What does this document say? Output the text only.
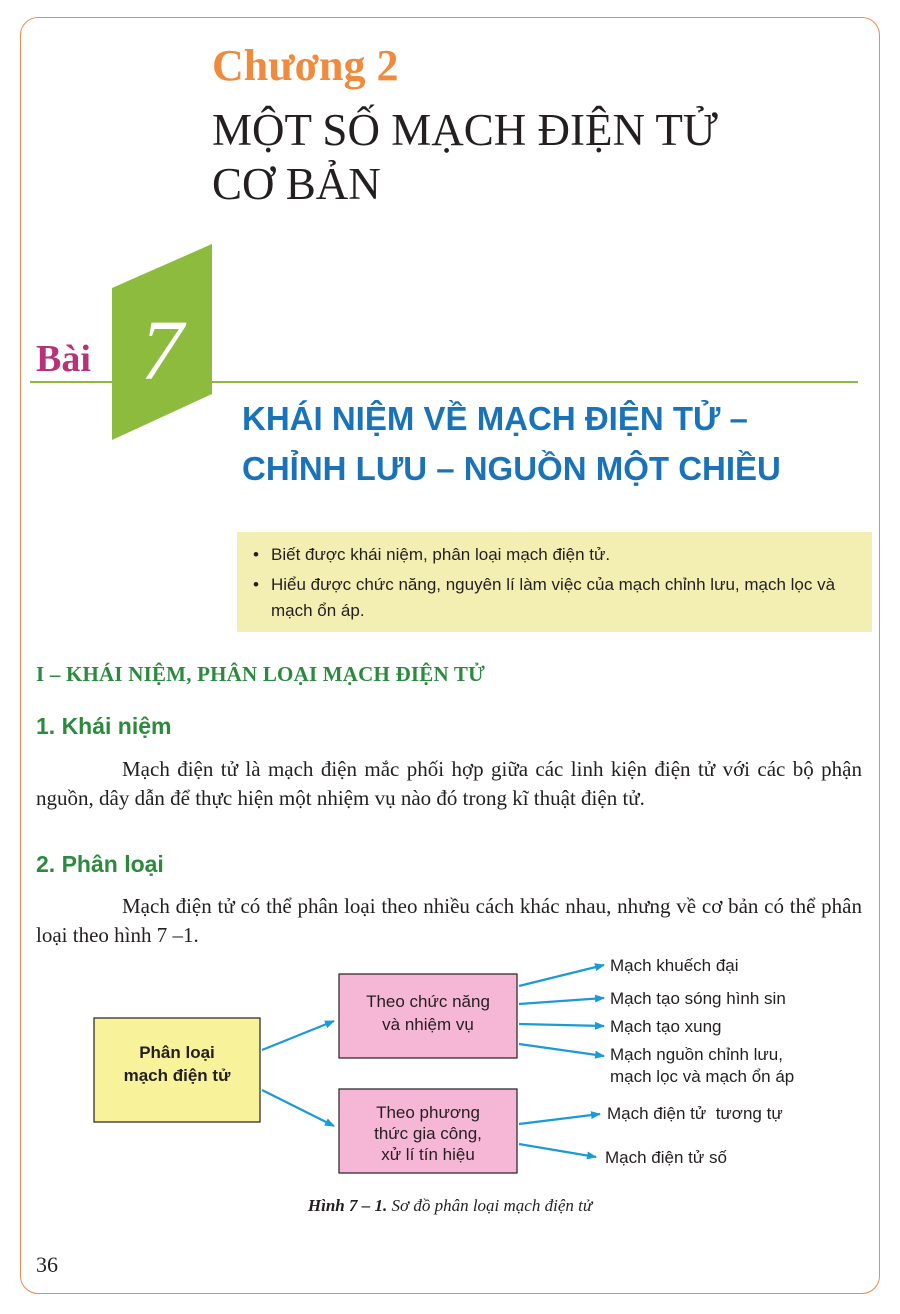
Chương 2
MỘT SỐ MẠCH ĐIỆN TỬ
CƠ BẢN
7
Bài
KHÁI NIỆM VỀ MẠCH ĐIỆN TỬ –
CHỈNH LƯU – NGUỒN MỘT CHIỀU
• Biết được khái niệm, phân loại mạch điện tử.
• Hiểu được chức năng, nguyên lí làm việc của mạch chỉnh lưu, mạch lọc và mạch ổn áp.
I – KHÁI NIỆM, PHÂN LOẠI MẠCH ĐIỆN TỬ
1. Khái niệm
Mạch điện tử là mạch điện mắc phối hợp giữa các linh kiện điện tử với các bộ phận nguồn, dây dẫn để thực hiện một nhiệm vụ nào đó trong kĩ thuật điện tử.
2. Phân loại
Mạch điện tử có thể phân loại theo nhiều cách khác nhau, nhưng về cơ bản có thể phân loại theo hình 7 –1.
Phân loại
mạch điện tử
Theo chức năng
và nhiệm vụ
Theo phương
thức gia công,
xử lí tín hiệu
Mạch khuếch đại
Mạch tạo sóng hình sin
Mạch tạo xung
Mạch nguồn chỉnh lưu,
mạch lọc và mạch ổn áp
Mạch điện tử  tương tự
Mạch điện tử số
Hình 7 – 1. Sơ đồ phân loại mạch điện tử
36
